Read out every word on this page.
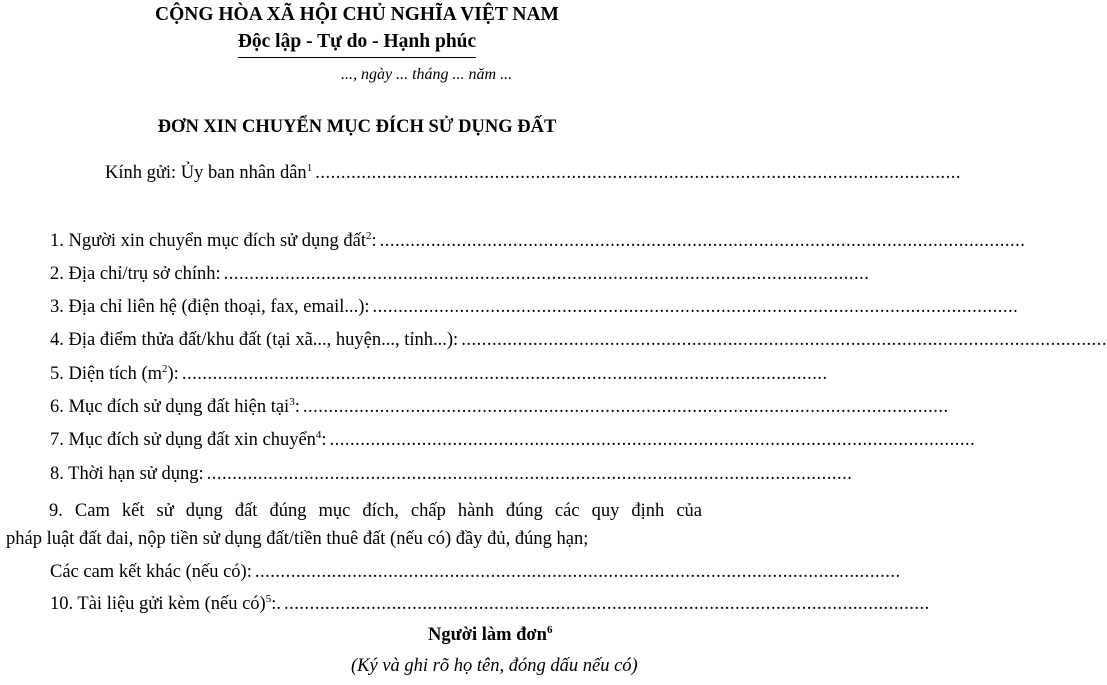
CỘNG HÒA XÃ HỘI CHỦ NGHĨA VIỆT NAM
Độc lập - Tự do - Hạnh phúc
..., ngày ... tháng ... năm ...
ĐƠN XIN CHUYỂN MỤC ĐÍCH SỬ DỤNG ĐẤT
Kính gửi: Ủy ban nhân dân$^1$ ..............................................................................................................................
1. Người xin chuyển mục đích sử dụng đất$^2$: ..............................................................................................................................
2. Địa chỉ/trụ sở chính: ..............................................................................................................................
3. Địa chỉ liên hệ (điện thoại, fax, email...): ..............................................................................................................................
4. Địa điểm thửa đất/khu đất (tại xã..., huyện..., tỉnh...): ..............................................................................................................................
5. Diện tích $(m^2)$: ..............................................................................................................................
6. Mục đích sử dụng đất hiện tại$^3$: ..............................................................................................................................
7. Mục đích sử dụng đất xin chuyển$^4$: ..............................................................................................................................
8. Thời hạn sử dụng: ..............................................................................................................................
9. Cam kết sử dụng đất đúng mục đích, chấp hành đúng các quy định của
pháp luật đất đai, nộp tiền sử dụng đất/tiền thuê đất (nếu có) đầy đủ, đúng hạn;
Các cam kết khác (nếu có): ..............................................................................................................................
10. Tài liệu gửi kèm (nếu có)$^5$:. ..............................................................................................................................
Người làm đơn$^6$
(Ký và ghi rõ họ tên, đóng dấu nếu có)
